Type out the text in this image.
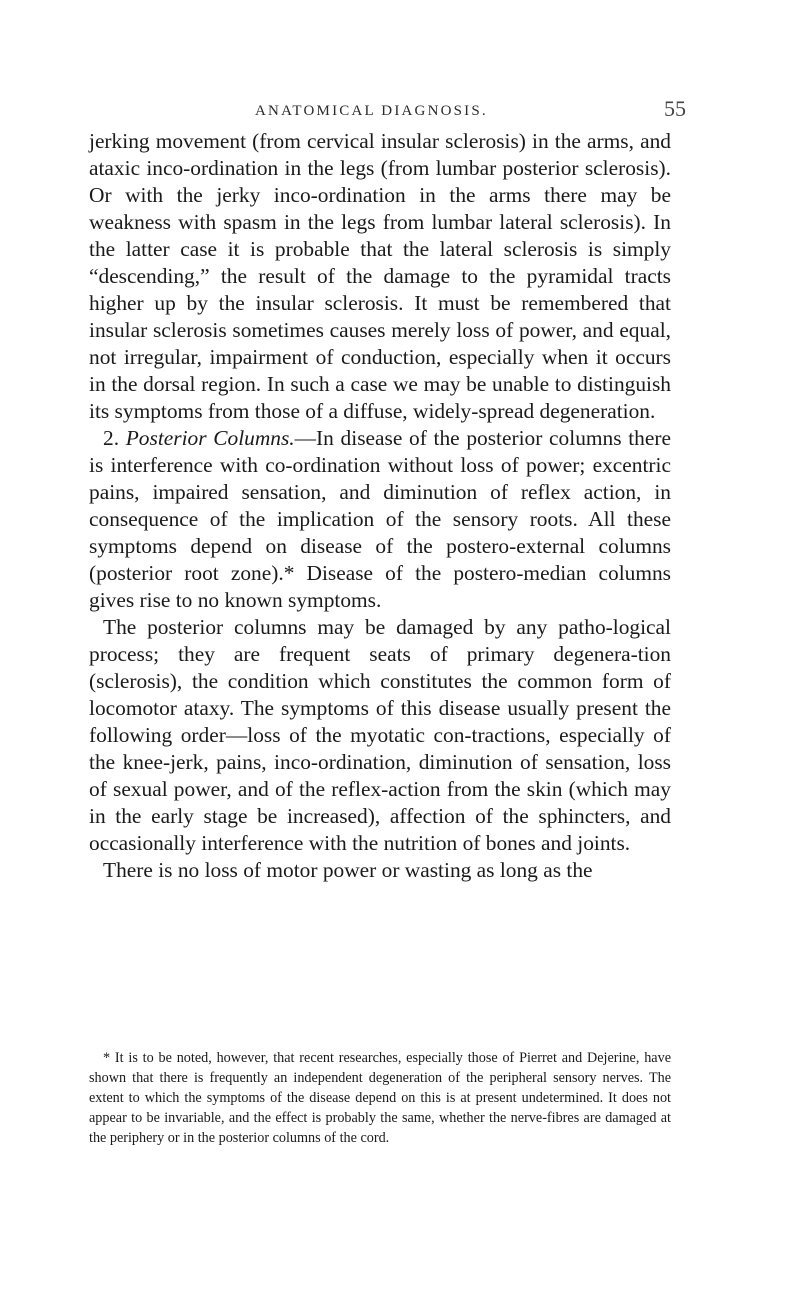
ANATOMICAL DIAGNOSIS.	55

jerking movement (from cervical insular sclerosis) in the arms, and ataxic inco-ordination in the legs (from lumbar posterior sclerosis). Or with the jerky inco-ordination in the arms there may be weakness with spasm in the legs from lumbar lateral sclerosis). In the latter case it is probable that the lateral sclerosis is simply “descending,” the result of the damage to the pyramidal tracts higher up by the insular sclerosis. It must be remembered that insular sclerosis sometimes causes merely loss of power, and equal, not irregular, impairment of conduction, especially when it occurs in the dorsal region. In such a case we may be unable to distinguish its symptoms from those of a diffuse, widely-spread degeneration.

2. Posterior Columns.—In disease of the posterior columns there is interference with co-ordination without loss of power; excentric pains, impaired sensation, and diminution of reflex action, in consequence of the implication of the sensory roots. All these symptoms depend on disease of the postero-external columns (posterior root zone).* Disease of the postero-median columns gives rise to no known symptoms.

The posterior columns may be damaged by any patho-logical process; they are frequent seats of primary degenera-tion (sclerosis), the condition which constitutes the common form of locomotor ataxy. The symptoms of this disease usually present the following order—loss of the myotatic con-tractions, especially of the knee-jerk, pains, inco-ordination, diminution of sensation, loss of sexual power, and of the reflex-action from the skin (which may in the early stage be increased), affection of the sphincters, and occasionally interference with the nutrition of bones and joints.

There is no loss of motor power or wasting as long as the

* It is to be noted, however, that recent researches, especially those of Pierret and Dejerine, have shown that there is frequently an independent degeneration of the peripheral sensory nerves. The extent to which the symptoms of the disease depend on this is at present undetermined. It does not appear to be invariable, and the effect is probably the same, whether the nerve-fibres are damaged at the periphery or in the posterior columns of the cord.
